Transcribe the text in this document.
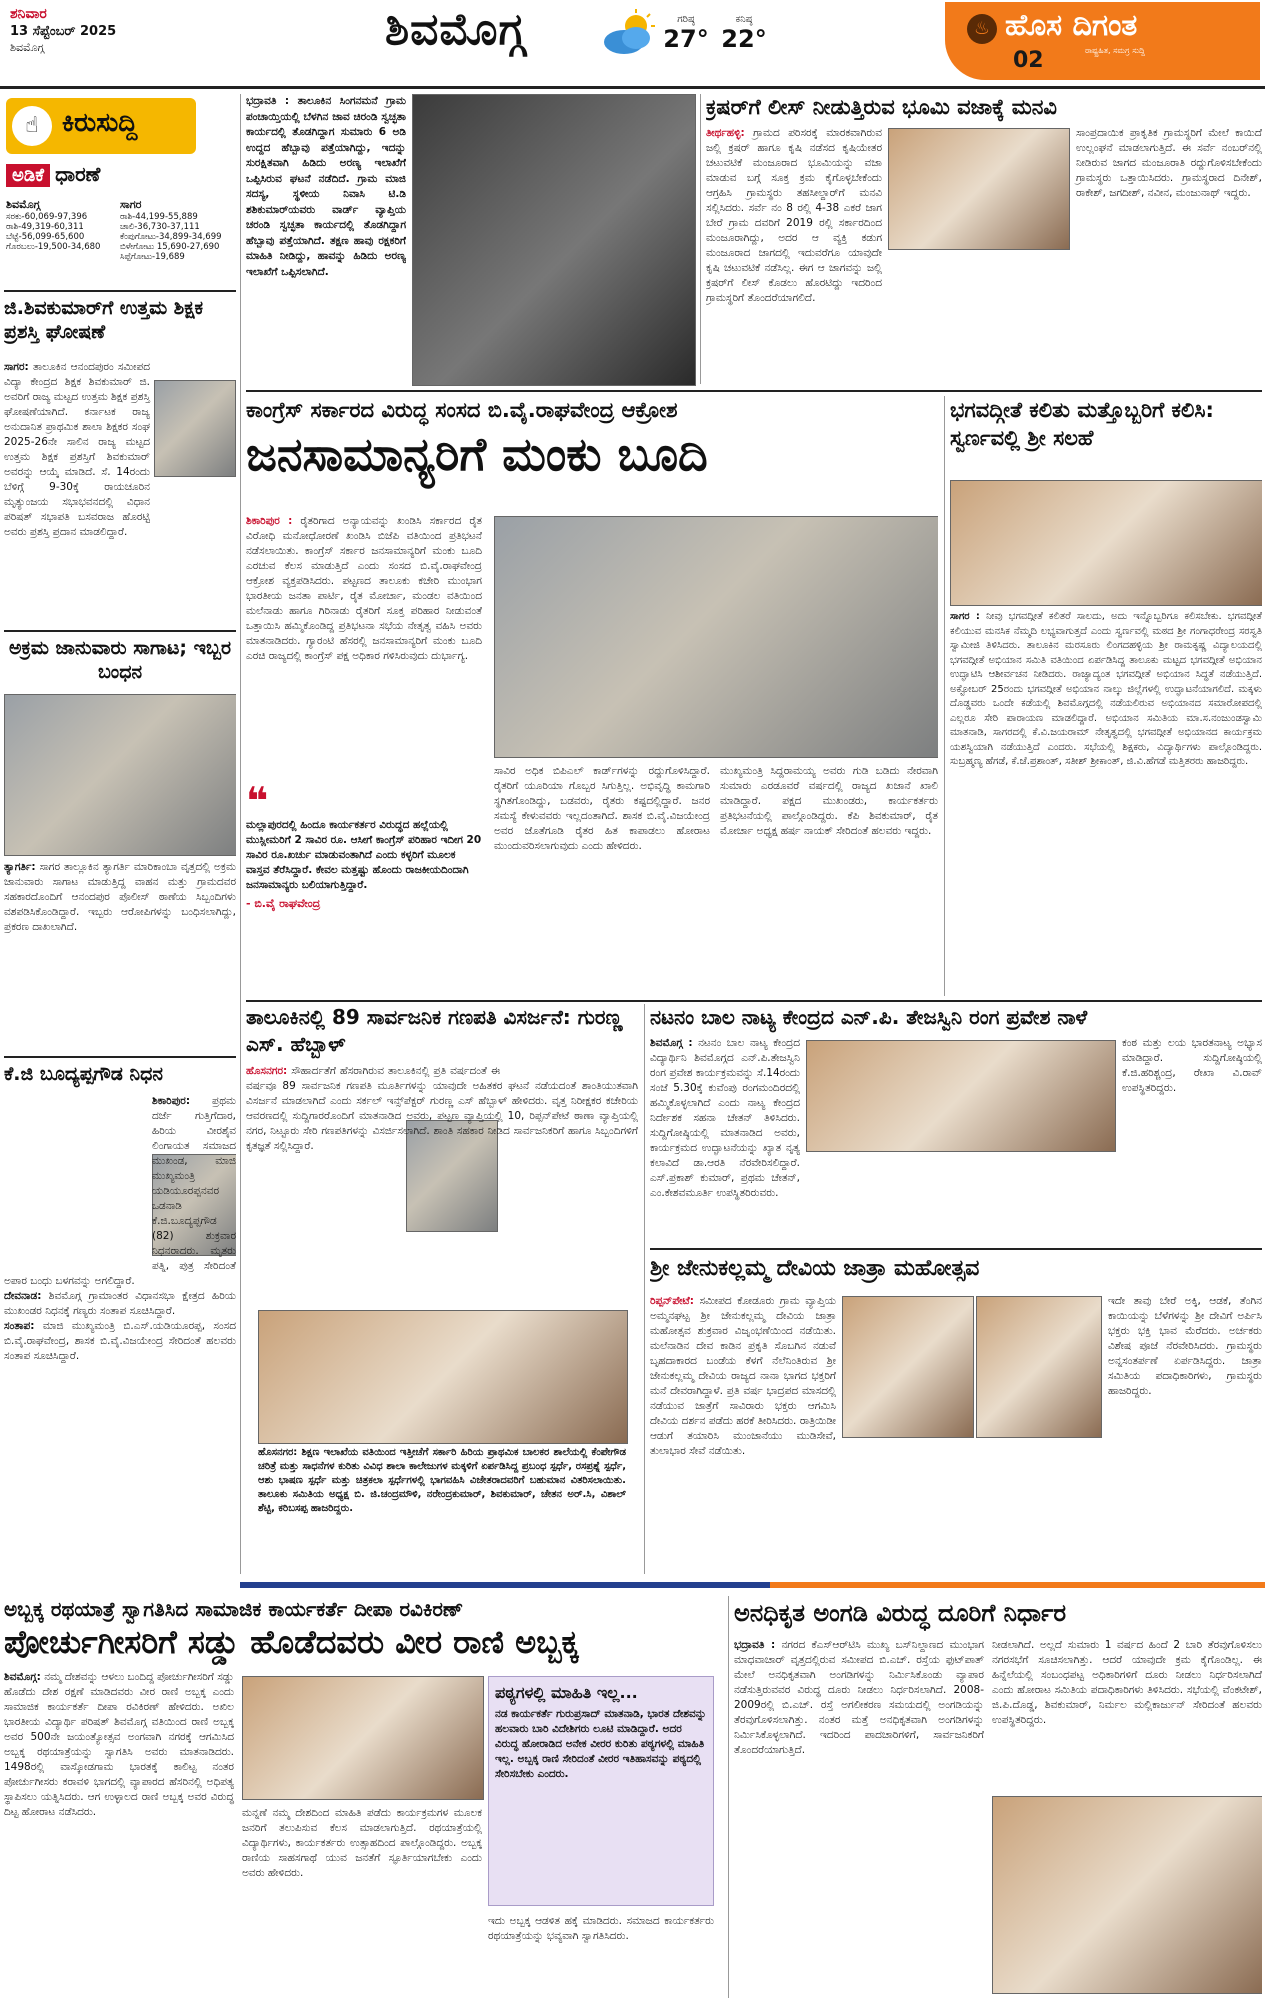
ಶನಿವಾರ
13 ಸೆಪ್ಟೆಂಬರ್ 2025
ಶಿವಮೊಗ್ಗ	ಶಿವಮೊಗ್ಗ	ಗರಿಷ್ಠ
27°
ಕನಿಷ್ಠ
22°	♨ ಹೊಸ ದಿಗಂತ
ರಾಷ್ಟ್ರಹಿತ, ಸಮಗ್ರ ಸುದ್ದಿ
02
☝ ಕಿರುಸುದ್ದಿ
ಅಡಿಕೆ ಧಾರಣೆ
ಶಿವಮೊಗ್ಗ
ಸರಕು-60,069-97,396
ರಾಶಿ-49,319-60,311
ಬೆಟ್ಟೆ-56,099-65,600
ಗೊರಬಲು-19,500-34,680
ಸಾಗರ
ರಾಶಿ-44,199-55,889
ಚಾಲಿ-36,730-37,111
ಕೆಂಪುಗೋಟು-34,899-34,699
ಬಿಳೇಗೋಟು 15,690-27,690
ಸಿಪ್ಪೆಗೋಟು-19,689
ಜಿ.ಶಿವಕುಮಾರ್‌ಗೆ ಉತ್ತಮ ಶಿಕ್ಷಕ ಪ್ರಶಸ್ತಿ ಘೋಷಣೆ
ಸಾಗರ: ತಾಲೂಕಿನ ಆನಂದಪುರಂ ಸಮೀಪದ ವಿದ್ಯಾ ಕೇಂದ್ರದ ಶಿಕ್ಷಕ ಶಿವಕುಮಾರ್ ಜಿ. ಅವರಿಗೆ ರಾಜ್ಯ ಮಟ್ಟದ ಉತ್ತಮ ಶಿಕ್ಷಕ ಪ್ರಶಸ್ತಿ ಘೋಷಣೆಯಾಗಿದೆ. ಕರ್ನಾಟಕ ರಾಜ್ಯ ಅನುದಾನಿತ ಪ್ರಾಥಮಿಕ ಶಾಲಾ ಶಿಕ್ಷಕರ ಸಂಘ 2025-26ನೇ ಸಾಲಿನ ರಾಜ್ಯ ಮಟ್ಟದ ಉತ್ತಮ ಶಿಕ್ಷಕ ಪ್ರಶಸ್ತಿಗೆ ಶಿವಕುಮಾರ್ ಅವರನ್ನು ಆಯ್ಕೆ ಮಾಡಿದೆ. ಸೆ. 14ರಂದು ಬೆಳಿಗ್ಗೆ 9-30ಕ್ಕೆ ರಾಯಚೂರಿನ ಮೃತ್ಯುಂಜಯ ಸಭಾಭವನದಲ್ಲಿ ವಿಧಾನ ಪರಿಷತ್ ಸಭಾಪತಿ ಬಸವರಾಜ ಹೊರಟ್ಟಿ ಅವರು ಪ್ರಶಸ್ತಿ ಪ್ರದಾನ ಮಾಡಲಿದ್ದಾರೆ.
ಅಕ್ರಮ ಜಾನುವಾರು ಸಾಗಾಟ; ಇಬ್ಬರ ಬಂಧನ
ತ್ಯಾಗರ್ತಿ: ಸಾಗರ ತಾಲ್ಲೂಕಿನ ತ್ಯಾಗರ್ತಿ ಮಾರಿಕಾಂಬಾ ವೃತ್ತದಲ್ಲಿ ಅಕ್ರಮ ಜಾನುವಾರು ಸಾಗಾಟ ಮಾಡುತ್ತಿದ್ದ ವಾಹನ ಮತ್ತು ಗ್ರಾಮದವರ ಸಹಕಾರದೊಂದಿಗೆ ಆನಂದಪುರ ಪೊಲೀಸ್ ಠಾಣೆಯ ಸಿಬ್ಬಂದಿಗಳು ವಶಪಡಿಸಿಕೊಂಡಿದ್ದಾರೆ. ಇಬ್ಬರು ಆರೋಪಿಗಳನ್ನು ಬಂಧಿಸಲಾಗಿದ್ದು, ಪ್ರಕರಣ ದಾಖಲಾಗಿದೆ.
ಕೆ.ಜಿ ಬೂದ್ಯಪ್ಪಗೌಡ ನಿಧನ
ಶಿಕಾರಿಪುರ: ಪ್ರಥಮ ದರ್ಜೆ ಗುತ್ತಿಗೆದಾರ, ಹಿರಿಯ ವೀರಶೈವ ಲಿಂಗಾಯತ ಸಮಾಜದ ಮುಖಂಡ, ಮಾಜಿ ಮುಖ್ಯಮಂತ್ರಿ ಯಡಿಯೂರಪ್ಪನವರ ಒಡನಾಡಿ ಕೆ.ಜಿ.ಬೂದ್ಯಪ್ಪಗೌಡ (82) ಶುಕ್ರವಾರ ನಿಧನರಾದರು. ಮೃತರು ಪತ್ನಿ, ಪುತ್ರ ಸೇರಿದಂತೆ ಅಪಾರ ಬಂಧು ಬಳಗವನ್ನು ಅಗಲಿದ್ದಾರೆ.
ದೇವನಾಡ: ಶಿವಮೊಗ್ಗ ಗ್ರಾಮಾಂತರ ವಿಧಾನಸಭಾ ಕ್ಷೇತ್ರದ ಹಿರಿಯ ಮುಖಂಡರ ನಿಧನಕ್ಕೆ ಗಣ್ಯರು ಸಂತಾಪ ಸೂಚಿಸಿದ್ದಾರೆ.
ಸಂತಾಪ: ಮಾಜಿ ಮುಖ್ಯಮಂತ್ರಿ ಬಿ.ಎಸ್.ಯಡಿಯೂರಪ್ಪ, ಸಂಸದ ಬಿ.ವೈ.ರಾಘವೇಂದ್ರ, ಶಾಸಕ ಬಿ.ವೈ.ವಿಜಯೇಂದ್ರ ಸೇರಿದಂತೆ ಹಲವರು ಸಂತಾಪ ಸೂಚಿಸಿದ್ದಾರೆ.
ಭದ್ರಾವತಿ : ತಾಲೂಕಿನ ಸಿಂಗನಮನೆ ಗ್ರಾಮ ಪಂಚಾಯ್ತಿಯಲ್ಲಿ ಬೆಳಗಿನ ಜಾವ ಚಿರಂಡಿ ಸ್ವಚ್ಛತಾ ಕಾರ್ಯದಲ್ಲಿ ತೊಡಗಿದ್ದಾಗ ಸುಮಾರು 6 ಅಡಿ ಉದ್ದದ ಹೆಬ್ಬಾವು ಪತ್ತೆಯಾಗಿದ್ದು, ಇದನ್ನು ಸುರಕ್ಷಿತವಾಗಿ ಹಿಡಿದು ಅರಣ್ಯ ಇಲಾಖೆಗೆ ಒಪ್ಪಿಸಿರುವ ಘಟನೆ ನಡೆದಿದೆ. ಗ್ರಾಮ ಮಾಜಿ ಸದಸ್ಯ, ಸ್ಥಳೀಯ ನಿವಾಸಿ ಟಿ.ಡಿ ಶಶಿಕುಮಾರ್‌ಯವರು ವಾರ್ಡ್ ವ್ಯಾಪ್ತಿಯ ಚರಂಡಿ ಸ್ವಚ್ಛತಾ ಕಾರ್ಯದಲ್ಲಿ ತೊಡಗಿದ್ದಾಗ ಹೆಬ್ಬಾವು ಪತ್ತೆಯಾಗಿದೆ. ತಕ್ಷಣ ಹಾವು ರಕ್ಷಕರಿಗೆ ಮಾಹಿತಿ ನೀಡಿದ್ದು, ಹಾವನ್ನು ಹಿಡಿದು ಅರಣ್ಯ ಇಲಾಖೆಗೆ ಒಪ್ಪಿಸಲಾಗಿದೆ.
ಕ್ರಷರ್‌ಗೆ ಲೀಸ್ ನೀಡುತ್ತಿರುವ ಭೂಮಿ ವಜಾಕ್ಕೆ ಮನವಿ
ತೀರ್ಥಹಳ್ಳಿ: ಗ್ರಾಮದ ಪರಿಸರಕ್ಕೆ ಮಾರಕವಾಗಿರುವ ಜಲ್ಲಿ ಕ್ರಷರ್ ಹಾಗೂ ಕೃಷಿ ನಡೆಸದ ಕೃಷಿಯೇತರ ಚಟುವಟಿಕೆ ಮಂಜೂರಾದ ಭೂಮಿಯನ್ನು ವಜಾ ಮಾಡುವ ಬಗ್ಗೆ ಸೂಕ್ತ ಕ್ರಮ ಕೈಗೊಳ್ಳಬೇಕೆಂದು ಆಗ್ರಹಿಸಿ ಗ್ರಾಮಸ್ಥರು ತಹಸೀಲ್ದಾರ್‌ಗೆ ಮನವಿ ಸಲ್ಲಿಸಿದರು. ಸರ್ವೆ ನಂ 8 ರಲ್ಲಿ 4-38 ಎಕರೆ ಜಾಗ ಬೇರೆ ಗ್ರಾಮ ದವರಿಗೆ 2019 ರಲ್ಲಿ ಸರ್ಕಾರದಿಂದ ಮಂಜೂರಾಗಿದ್ದು, ಅದರ ಆ ವ್ಯಕ್ತಿ ಕಡುಗ ಮಂಜೂರಾದ ಜಾಗದಲ್ಲಿ ಇದುವರೆಗೂ ಯಾವುದೇ ಕೃಷಿ ಚಟುವಟಿಕೆ ನಡೆಸಿಲ್ಲ. ಈಗ ಆ ಜಾಗವನ್ನು ಜಲ್ಲಿ ಕ್ರಷರ್‌ಗೆ ಲೀಸ್ ಕೊಡಲು ಹೊರಟಿದ್ದು ಇದರಿಂದ ಗ್ರಾಮಸ್ಥರಿಗೆ ತೊಂದರೆಯಾಗಲಿದೆ.
ಸಾಂಪ್ರದಾಯಿಕ ಪ್ರಾಕೃತಿಕ ಗ್ರಾಮಸ್ಥರಿಗೆ ಮೇಲೆ ಕಾಯಿದೆ ಉಲ್ಲಂಘನೆ ಮಾಡಲಾಗುತ್ತಿದೆ. ಈ ಸರ್ವೆ ನಂಬರ್‌ನಲ್ಲಿ ನೀಡಿರುವ ಜಾಗದ ಮಂಜೂರಾತಿ ರದ್ದುಗೊಳಿಸಬೇಕೆಂದು ಗ್ರಾಮಸ್ಥರು ಒತ್ತಾಯಿಸಿದರು. ಗ್ರಾಮಸ್ಥರಾದ ದಿನೇಶ್, ರಾಕೇಶ್, ಜಗದೀಶ್, ನವೀನ, ಮಂಜುನಾಥ್ ಇದ್ದರು.
ಕಾಂಗ್ರೆಸ್ ಸರ್ಕಾರದ ವಿರುದ್ಧ ಸಂಸದ ಬಿ.ವೈ.ರಾಘವೇಂದ್ರ ಆಕ್ರೋಶ
ಜನಸಾಮಾನ್ಯರಿಗೆ ಮಂಕು ಬೂದಿ
ಶಿಕಾರಿಪುರ : ರೈತರಿಗಾದ ಅನ್ಯಾಯವನ್ನು ಖಂಡಿಸಿ ಸರ್ಕಾರದ ರೈತ ವಿರೋಧಿ ಮನೋಧೋರಣೆ ಖಂಡಿಸಿ ಬಿಜೆಪಿ ವತಿಯಿಂದ ಪ್ರತಿಭಟನೆ ನಡೆಸಲಾಯಿತು. ಕಾಂಗ್ರೆಸ್ ಸರ್ಕಾರ ಜನಸಾಮಾನ್ಯರಿಗೆ ಮಂಕು ಬೂದಿ ಎರಚುವ ಕೆಲಸ ಮಾಡುತ್ತಿದೆ ಎಂದು ಸಂಸದ ಬಿ.ವೈ.ರಾಘವೇಂದ್ರ ಆಕ್ರೋಶ ವ್ಯಕ್ತಪಡಿಸಿದರು. ಪಟ್ಟಣದ ತಾಲೂಕು ಕಚೇರಿ ಮುಂಭಾಗ ಭಾರತೀಯ ಜನತಾ ಪಾರ್ಟಿ, ರೈತ ಮೋರ್ಚಾ, ಮಂಡಲ ವತಿಯಿಂದ ಮಲೆನಾಡು ಹಾಗೂ ಗಿರಿನಾಡು ರೈತರಿಗೆ ಸೂಕ್ತ ಪರಿಹಾರ ನೀಡುವಂತೆ ಒತ್ತಾಯಿಸಿ ಹಮ್ಮಿಕೊಂಡಿದ್ದ ಪ್ರತಿಭಟನಾ ಸಭೆಯ ನೇತೃತ್ವ ವಹಿಸಿ ಅವರು ಮಾತನಾಡಿದರು. ಗ್ಯಾರಂಟಿ ಹೆಸರಲ್ಲಿ ಜನಸಾಮಾನ್ಯರಿಗೆ ಮಂಕು ಬೂದಿ ಎರಚಿ ರಾಜ್ಯದಲ್ಲಿ ಕಾಂಗ್ರೆಸ್ ಪಕ್ಷ ಅಧಿಕಾರ ಗಳಿಸಿರುವುದು ದುರ್ಭಾಗ್ಯ.
❝
ಮಲ್ಲಾಪುರದಲ್ಲಿ ಹಿಂದೂ ಕಾರ್ಯಕರ್ತರ ವಿರುದ್ಧದ ಹಲ್ಲೆಯಲ್ಲಿ ಮುಸ್ಲೀಮರಿಗೆ 2 ಸಾವಿರ ರೂ. ಆಸೀಗೆ ಕಾಂಗ್ರೆಸ್ ಪರಿಹಾರ ಇದೀಗ 20 ಸಾವಿರ ರೂ.ಖರ್ಚು ಮಾಡುವಂತಾಗಿದೆ ಎಂದು ಕಳ್ಳರಿಗೆ ಮೂಲಕ ವಾಸ್ತವ ತೆರೆಸಿದ್ದಾರೆ. ಕೇವಲ ಮತ್ತಷ್ಟು ಹೊಂದು ರಾಜಕೀಯದಿಂದಾಗಿ ಜನಸಾಮಾನ್ಯರು ಬಲಿಯಾಗುತ್ತಿದ್ದಾರೆ.
- ಬಿ.ವೈ ರಾಘವೇಂದ್ರ
ಸಾವಿರ ಅಧಿಕ ಬಿಪಿಎಲ್ ಕಾರ್ಡ್‌ಗಳನ್ನು ರದ್ದುಗೊಳಿಸಿದ್ದಾರೆ. ರೈತರಿಗೆ ಯೂರಿಯಾ ಗೊಬ್ಬರ ಸಿಗುತ್ತಿಲ್ಲ. ಅಭಿವೃದ್ಧಿ ಕಾಮಗಾರಿ ಸ್ಥಗಿತಗೊಂಡಿದ್ದು, ಬಡವರು, ರೈತರು ಕಷ್ಟದಲ್ಲಿದ್ದಾರೆ. ಜನರ ಸಮಸ್ಯೆ ಕೇಳುವವರು ಇಲ್ಲದಂತಾಗಿದೆ. ಶಾಸಕ ಬಿ.ವೈ.ವಿಜಯೇಂದ್ರ ಅವರ ಜೊತೆಗೂಡಿ ರೈತರ ಹಿತ ಕಾಪಾಡಲು ಹೋರಾಟ ಮುಂದುವರಿಸಲಾಗುವುದು ಎಂದು ಹೇಳಿದರು.
ಮುಖ್ಯಮಂತ್ರಿ ಸಿದ್ದರಾಮಯ್ಯ ಅವರು ಗುಡಿ ಬಡಿದು ನೇರವಾಗಿ ಸುಮಾರು ಎರಡೂವರೆ ವರ್ಷದಲ್ಲಿ ರಾಜ್ಯದ ಖಜಾನೆ ಖಾಲಿ ಮಾಡಿದ್ದಾರೆ. ಪಕ್ಷದ ಮುಖಂಡರು, ಕಾರ್ಯಕರ್ತರು ಪ್ರತಿಭಟನೆಯಲ್ಲಿ ಪಾಲ್ಗೊಂಡಿದ್ದರು. ಕೆಪಿ ಶಿವಕುಮಾರ್, ರೈತ ಮೋರ್ಚಾ ಅಧ್ಯಕ್ಷ ಹರ್ಷ ನಾಯಕ್ ಸೇರಿದಂತೆ ಹಲವರು ಇದ್ದರು.
ಭಗವದ್ಗೀತೆ ಕಲಿತು ಮತ್ತೊಬ್ಬರಿಗೆ ಕಲಿಸಿ: ಸ್ವರ್ಣವಲ್ಲಿ ಶ್ರೀ ಸಲಹೆ
ಸಾಗರ : ನೀವು ಭಗವದ್ಗೀತೆ ಕಲಿತರೆ ಸಾಲದು, ಅದು ಇನ್ನೊಬ್ಬರಿಗೂ ಕಲಿಸಬೇಕು. ಭಗವದ್ಗೀತೆ ಕಲಿಯುವ ಮನಸಿಕ ನೆಮ್ಮದಿ ಲಭ್ಯವಾಗುತ್ತದೆ ಎಂದು ಸ್ವರ್ಣವಲ್ಲಿ ಮಠದ ಶ್ರೀ ಗಂಗಾಧರೇಂದ್ರ ಸರಸ್ವತಿ ಸ್ವಾಮೀಜಿ ತಿಳಿಸಿದರು. ತಾಲೂಕಿನ ಮರಸೂರು ಲಿಂಗದಹಳ್ಳಿಯ ಶ್ರೀ ರಾಮಕೃಷ್ಣ ವಿದ್ಯಾಲಯದಲ್ಲಿ ಭಗವದ್ಗೀತೆ ಅಭಿಯಾನ ಸಮಿತಿ ವತಿಯಿಂದ ಏರ್ಪಡಿಸಿದ್ದ ತಾಲೂಕು ಮಟ್ಟದ ಭಗವದ್ಗೀತೆ ಅಭಿಯಾನ ಉದ್ಘಾಟಿಸಿ ಆಶೀರ್ವಚನ ನೀಡಿದರು. ರಾಜ್ಯಾದ್ಯಂತ ಭಗವದ್ಗೀತೆ ಅಭಿಯಾನ ಸಿದ್ಧತೆ ನಡೆಯುತ್ತಿದೆ. ಅಕ್ಟೋಬರ್ 25ರಂದು ಭಗವದ್ಗೀತೆ ಅಭಿಯಾನ ನಾಲ್ಕು ಜಿಲ್ಲೆಗಳಲ್ಲಿ ಉದ್ಘಾಟನೆಯಾಗಲಿದೆ. ಮಕ್ಕಳು ದೊಡ್ಡವರು ಒಂದೇ ಕಡೆಯಲ್ಲಿ ಶಿವಮೊಗ್ಗದಲ್ಲಿ ನಡೆಯಲಿರುವ ಅಭಿಯಾನದ ಸಮಾರೋಪದಲ್ಲಿ ಎಲ್ಲರೂ ಸೇರಿ ಪಾರಾಯಣ ಮಾಡಲಿದ್ದಾರೆ. ಅಭಿಯಾನ ಸಮಿತಿಯ ಮಾ.ಸ.ನಂಜುಂಡಸ್ವಾಮಿ ಮಾತನಾಡಿ, ಸಾಗರದಲ್ಲಿ ಕೆ.ವಿ.ಜಯರಾಮ್ ನೇತೃತ್ವದಲ್ಲಿ ಭಗವದ್ಗೀತೆ ಅಭಿಯಾನದ ಕಾರ್ಯಕ್ರಮ ಯಶಸ್ವಿಯಾಗಿ ನಡೆಯುತ್ತಿದೆ ಎಂದರು. ಸಭೆಯಲ್ಲಿ ಶಿಕ್ಷಕರು, ವಿದ್ಯಾರ್ಥಿಗಳು ಪಾಲ್ಗೊಂಡಿದ್ದರು. ಸುಬ್ರಹ್ಮಣ್ಯ ಹೆಗಡೆ, ಕೆ.ಜೆ.ಪ್ರಶಾಂತ್, ಸತೀಶ್ ಶ್ರೀಕಾಂತ್, ಜಿ.ವಿ.ಹೆಗಡೆ ಮತ್ತಿತರರು ಹಾಜರಿದ್ದರು.
ತಾಲೂಕಿನಲ್ಲಿ 89 ಸಾರ್ವಜನಿಕ ಗಣಪತಿ ವಿಸರ್ಜನೆ: ಗುರಣ್ಣ ಎಸ್. ಹೆಬ್ಬಾಳ್
ಹೊಸನಗರ: ಸೌಹಾರ್ದತೆಗೆ ಹೆಸರಾಗಿರುವ ತಾಲೂಕಿನಲ್ಲಿ ಪ್ರತಿ ವರ್ಷದಂತೆ ಈ ವರ್ಷವೂ 89 ಸಾರ್ವಜನಿಕ ಗಣಪತಿ ಮೂರ್ತಿಗಳನ್ನು ಯಾವುದೇ ಅಹಿತಕರ ಘಟನೆ ನಡೆಯದಂತೆ ಶಾಂತಿಯುತವಾಗಿ ವಿಸರ್ಜನೆ ಮಾಡಲಾಗಿದೆ ಎಂದು ಸರ್ಕಲ್ ಇನ್ಸ್‌ಪೆಕ್ಟರ್ ಗುರಣ್ಣ ಎಸ್ ಹೆಬ್ಬಾಳ್ ಹೇಳಿದರು. ವೃತ್ತ ನಿರೀಕ್ಷಕರ ಕಚೇರಿಯ ಆವರಣದಲ್ಲಿ ಸುದ್ದಿಗಾರರೊಂದಿಗೆ ಮಾತನಾಡಿದ ಅವರು, ಪಟ್ಟಣ ವ್ಯಾಪ್ತಿಯಲ್ಲಿ 10, ರಿಪ್ಪನ್‌ಪೇಟೆ ಠಾಣಾ ವ್ಯಾಪ್ತಿಯಲ್ಲಿ ನಗರ, ನಿಟ್ಟೂರು ಸೇರಿ ಗಣಪತಿಗಳನ್ನು ವಿಸರ್ಜಿಸಲಾಗಿದೆ. ಶಾಂತಿ ಸಹಕಾರ ನೀಡಿದ ಸಾರ್ವಜನಿಕರಿಗೆ ಹಾಗೂ ಸಿಬ್ಬಂದಿಗಳಿಗೆ ಕೃತಜ್ಞತೆ ಸಲ್ಲಿಸಿದ್ದಾರೆ.
ಹೊಸನಗರ: ಶಿಕ್ಷಣ ಇಲಾಖೆಯ ವತಿಯಿಂದ ಇತ್ತೀಚೆಗೆ ಸರ್ಕಾರಿ ಹಿರಿಯ ಪ್ರಾಥಮಿಕ ಬಾಲಕರ ಶಾಲೆಯಲ್ಲಿ ಕೆಂಪೇಗೌಡ ಚರಿತ್ರೆ ಮತ್ತು ಸಾಧನೆಗಳ ಕುರಿತು ವಿವಿಧ ಶಾಲಾ ಕಾಲೇಜುಗಳ ಮಕ್ಕಳಿಗೆ ಏರ್ಪಡಿಸಿದ್ದ ಪ್ರಬಂಧ ಸ್ಪರ್ಧೆ, ರಸಪ್ರಶ್ನೆ ಸ್ಪರ್ಧೆ, ಆಶು ಭಾಷಣ ಸ್ಪರ್ಧೆ ಮತ್ತು ಚಿತ್ರಕಲಾ ಸ್ಪರ್ಧೆಗಳಲ್ಲಿ ಭಾಗವಹಿಸಿ ವಿಜೇತರಾದವರಿಗೆ ಬಹುಮಾನ ವಿತರಿಸಲಾಯಿತು. ತಾಲೂಕು ಸಮಿತಿಯ ಅಧ್ಯಕ್ಷ ಬಿ. ಜಿ.ಚಂದ್ರಮೌಳಿ, ನರೇಂದ್ರಕುಮಾರ್, ಶಿವಕುಮಾರ್, ಚೇತನ ಅರ್.ಸಿ, ವಿಶಾಲ್ ಶೆಟ್ಟಿ, ಕರಿಬಸಪ್ಪ ಹಾಜರಿದ್ದರು.
ನಟನಂ ಬಾಲ ನಾಟ್ಯ ಕೇಂದ್ರದ ಎನ್.ಪಿ. ತೇಜಸ್ವಿನಿ ರಂಗ ಪ್ರವೇಶ ನಾಳೆ
ಶಿವಮೊಗ್ಗ : ನಟನಂ ಬಾಲ ನಾಟ್ಯ ಕೇಂದ್ರದ ವಿದ್ಯಾರ್ಥಿನಿ ಶಿವಮೊಗ್ಗದ ಎನ್.ಪಿ.ತೇಜಸ್ವಿನಿ ರಂಗ ಪ್ರವೇಶ ಕಾರ್ಯಕ್ರಮವನ್ನು ಸೆ.14ರಂದು ಸಂಜೆ 5.30ಕ್ಕೆ ಕುವೆಂಪು ರಂಗಮಂದಿರದಲ್ಲಿ ಹಮ್ಮಿಕೊಳ್ಳಲಾಗಿದೆ ಎಂದು ನಾಟ್ಯ ಕೇಂದ್ರದ ನಿರ್ದೇಶಕ ಸಹನಾ ಚೇತನ್ ತಿಳಿಸಿದರು. ಸುದ್ದಿಗೋಷ್ಠಿಯಲ್ಲಿ ಮಾತನಾಡಿದ ಅವರು, ಕಾರ್ಯಕ್ರಮದ ಉದ್ಘಾಟನೆಯನ್ನು ಖ್ಯಾತ ನೃತ್ಯ ಕಲಾವಿದೆ ಡಾ.ಆರತಿ ನೆರವೇರಿಸಲಿದ್ದಾರೆ. ಎಸ್.ಪ್ರಕಾಶ್ ಕುಮಾರ್, ಪ್ರಥಮ ಚೇತನ್, ಎಂ.ಕೇಶವಮೂರ್ತಿ ಉಪಸ್ಥಿತರಿರುವರು.
ಕಂಠ ಮತ್ತು ಲಯ ಭಾರತನಾಟ್ಯ ಅಭ್ಯಾಸ ಮಾಡಿದ್ದಾರೆ. ಸುದ್ದಿಗೋಷ್ಠಿಯಲ್ಲಿ ಕೆ.ಜಿ.ಹರಿಶ್ಚಂದ್ರ, ರೇಖಾ ವಿ.ರಾವ್ ಉಪಸ್ಥಿತರಿದ್ದರು.
ಶ್ರೀ ಜೇನುಕಲ್ಲಮ್ಮ ದೇವಿಯ ಜಾತ್ರಾ ಮಹೋತ್ಸವ
ರಿಪ್ಪನ್‌ಪೇಟೆ: ಸಮೀಪದ ಕೋಡೂರು ಗ್ರಾಮ ವ್ಯಾಪ್ತಿಯ ಅಮ್ಮನಘಟ್ಟ ಶ್ರೀ ಜೇನುಕಲ್ಲಮ್ಮ ದೇವಿಯ ಜಾತ್ರಾ ಮಹೋತ್ಸವ ಶುಕ್ರವಾರ ವಿಜೃಂಭಣೆಯಿಂದ ನಡೆಯಿತು. ಮಲೆನಾಡಿನ ದೇವ ಕಾಡಿನ ಪ್ರಕೃತಿ ಸೊಬಗಿನ ನಡುವೆ ಬೃಹದಾಕಾರದ ಬಂಡೆಯ ಕೆಳಗೆ ನೆಲೆನಿಂತಿರುವ ಶ್ರೀ ಜೇನುಕಲ್ಲಮ್ಮ ದೇವಿಯ ರಾಜ್ಯದ ನಾನಾ ಭಾಗದ ಭಕ್ತರಿಗೆ ಮನೆ ದೇವರಾಗಿದ್ದಾಳೆ. ಪ್ರತಿ ವರ್ಷ ಭಾದ್ರಪದ ಮಾಸದಲ್ಲಿ ನಡೆಯುವ ಜಾತ್ರೆಗೆ ಸಾವಿರಾರು ಭಕ್ತರು ಆಗಮಿಸಿ ದೇವಿಯ ದರ್ಶನ ಪಡೆದು ಹರಕೆ ತೀರಿಸಿದರು. ರಾತ್ರಿಯಿಡೀ ಆಡುಗೆ ತಯಾರಿಸಿ ಮುಂಜಾನೆಯು ಮುಡಿಸೇವೆ, ತುಲಾಭಾರ ಸೇವೆ ನಡೆಯಿತು.
ಇದೇ ತಾವು ಬೇರೆ ಅಕ್ಕಿ, ಆಡಕೆ, ತೆಂಗಿನ ಕಾಯಿಯನ್ನು ಬೆಳೆಗಳನ್ನು ಶ್ರೀ ದೇವಿಗೆ ಅರ್ಪಿಸಿ ಭಕ್ತರು ಭಕ್ತಿ ಭಾವ ಮೆರೆದರು. ಅರ್ಚಕರು ವಿಶೇಷ ಪೂಜೆ ನೆರವೇರಿಸಿದರು. ಗ್ರಾಮಸ್ಥರು ಅನ್ನಸಂತರ್ಪಣೆ ಏರ್ಪಡಿಸಿದ್ದರು. ಜಾತ್ರಾ ಸಮಿತಿಯ ಪದಾಧಿಕಾರಿಗಳು, ಗ್ರಾಮಸ್ಥರು ಹಾಜರಿದ್ದರು.
ಅಬ್ಬಕ್ಕ ರಥಯಾತ್ರೆ ಸ್ವಾಗತಿಸಿದ ಸಾಮಾಜಿಕ ಕಾರ್ಯಕರ್ತೆ ದೀಪಾ ರವಿಕಿರಣ್
ಪೋರ್ಚುಗೀಸರಿಗೆ ಸಡ್ಡು ಹೊಡೆದವರು ವೀರ ರಾಣಿ ಅಬ್ಬಕ್ಕ
ಶಿವಮೊಗ್ಗ: ನಮ್ಮ ದೇಶವನ್ನು ಆಳಲು ಬಂದಿದ್ದ ಪೋರ್ಚುಗೀಸರಿಗೆ ಸಡ್ಡು ಹೊಡೆದು ದೇಶ ರಕ್ಷಣೆ ಮಾಡಿದವರು ವೀರ ರಾಣಿ ಅಬ್ಬಕ್ಕ ಎಂದು ಸಾಮಾಜಿಕ ಕಾರ್ಯಕರ್ತೆ ದೀಪಾ ರವಿಕಿರಣ್ ಹೇಳಿದರು. ಅಖಿಲ ಭಾರತೀಯ ವಿದ್ಯಾರ್ಥಿ ಪರಿಷತ್ ಶಿವಮೊಗ್ಗ ವತಿಯಿಂದ ರಾಣಿ ಅಬ್ಬಕ್ಕ ಅವರ 500ನೇ ಜಯಂತ್ಯೋತ್ಸವ ಅಂಗವಾಗಿ ನಗರಕ್ಕೆ ಆಗಮಿಸಿದ ಅಬ್ಬಕ್ಕ ರಥಯಾತ್ರೆಯನ್ನು ಸ್ವಾಗತಿಸಿ ಅವರು ಮಾತನಾಡಿದರು. 1498ರಲ್ಲಿ ವಾಸ್ಕೋಡಗಾಮ ಭಾರತಕ್ಕೆ ಕಾಲಿಟ್ಟ ನಂತರ ಪೋರ್ಚುಗೀಸರು ಕರಾವಳಿ ಭಾಗದಲ್ಲಿ ವ್ಯಾಪಾರದ ಹೆಸರಿನಲ್ಲಿ ಅಧಿಪತ್ಯ ಸ್ಥಾಪಿಸಲು ಯತ್ನಿಸಿದರು. ಆಗ ಉಳ್ಳಾಲದ ರಾಣಿ ಅಬ್ಬಕ್ಕ ಅವರ ವಿರುದ್ಧ ದಿಟ್ಟ ಹೋರಾಟ ನಡೆಸಿದರು.	ಮನ್ನಣೆ ನಮ್ಮ ದೇಶದಿಂದ ಮಾಹಿತಿ ಪಡೆದು ಕಾರ್ಯಕ್ರಮಗಳ ಮೂಲಕ ಜನರಿಗೆ ತಲುಪಿಸುವ ಕೆಲಸ ಮಾಡಲಾಗುತ್ತಿದೆ. ರಥಯಾತ್ರೆಯಲ್ಲಿ ವಿದ್ಯಾರ್ಥಿಗಳು, ಕಾರ್ಯಕರ್ತರು ಉತ್ಸಾಹದಿಂದ ಪಾಲ್ಗೊಂಡಿದ್ದರು. ಅಬ್ಬಕ್ಕ ರಾಣಿಯ ಸಾಹಸಗಾಥೆ ಯುವ ಜನತೆಗೆ ಸ್ಫೂರ್ತಿಯಾಗಬೇಕು ಎಂದು ಅವರು ಹೇಳಿದರು.
ಪಠ್ಯಗಳಲ್ಲಿ ಮಾಹಿತಿ ಇಲ್ಲ...
ನಡ ಕಾರ್ಯಕರ್ತೆ ಗುರುಪ್ರಸಾದ್ ಮಾತನಾಡಿ, ಭಾರತ ದೇಶವನ್ನು ಹಲವಾರು ಬಾರಿ ವಿದೇಶಿಗರು ಲೂಟಿ ಮಾಡಿದ್ದಾರೆ. ಅದರ ವಿರುದ್ಧ ಹೋರಾಡಿದ ಅನೇಕ ವೀರರ ಕುರಿತು ಪಠ್ಯಗಳಲ್ಲಿ ಮಾಹಿತಿ ಇಲ್ಲ. ಅಬ್ಬಕ್ಕ ರಾಣಿ ಸೇರಿದಂತೆ ವೀರರ ಇತಿಹಾಸವನ್ನು ಪಠ್ಯದಲ್ಲಿ ಸೇರಿಸಬೇಕು ಎಂದರು.
ಇದು ಅಬ್ಬಕ್ಕ ಆಡಳಿತ ಹಕ್ಕೆ ಮಾಡಿದರು. ಸಮಾಜದ ಕಾರ್ಯಕರ್ತರು ರಥಯಾತ್ರೆಯನ್ನು ಭವ್ಯವಾಗಿ ಸ್ವಾಗತಿಸಿದರು.
ಅನಧಿಕೃತ ಅಂಗಡಿ ವಿರುದ್ಧ ದೂರಿಗೆ ನಿರ್ಧಾರ
ಭದ್ರಾವತಿ : ನಗರದ ಕೆಎಸ್‌ಆರ್‌ಟಿಸಿ ಮುಖ್ಯ ಬಸ್‌ನಿಲ್ದಾಣದ ಮುಂಭಾಗ ಮಾಧವಾಚಾರ್ ವೃತ್ತದಲ್ಲಿರುವ ಸಮೀಪದ ಬಿ.ಎಚ್. ರಸ್ತೆಯ ಫುಟ್‌ಪಾತ್ ಮೇಲೆ ಅನಧಿಕೃತವಾಗಿ ಅಂಗಡಿಗಳನ್ನು ನಿರ್ಮಿಸಿಕೊಂಡು ವ್ಯಾಪಾರ ನಡೆಸುತ್ತಿರುವವರ ವಿರುದ್ಧ ದೂರು ನೀಡಲು ನಿರ್ಧರಿಸಲಾಗಿದೆ. 2008-2009ರಲ್ಲಿ ಬಿ.ಎಚ್. ರಸ್ತೆ ಅಗಲೀಕರಣ ಸಮಯದಲ್ಲಿ ಅಂಗಡಿಯನ್ನು ತೆರವುಗೊಳಿಸಲಾಗಿತ್ತು. ನಂತರ ಮತ್ತೆ ಅನಧಿಕೃತವಾಗಿ ಅಂಗಡಿಗಳನ್ನು ನಿರ್ಮಿಸಿಕೊಳ್ಳಲಾಗಿದೆ. ಇದರಿಂದ ಪಾದಚಾರಿಗಳಿಗೆ, ಸಾರ್ವಜನಿಕರಿಗೆ ತೊಂದರೆಯಾಗುತ್ತಿದೆ.
ನೀಡಲಾಗಿದೆ. ಅಲ್ಲದೆ ಸುಮಾರು 1 ವರ್ಷದ ಹಿಂದೆ 2 ಬಾರಿ ತೆರವುಗೊಳಿಸಲು ನಗರಸಭೆಗೆ ಸೂಚಿಸಲಾಗಿತ್ತು. ಆದರೆ ಯಾವುದೇ ಕ್ರಮ ಕೈಗೊಂಡಿಲ್ಲ. ಈ ಹಿನ್ನೆಲೆಯಲ್ಲಿ ಸಂಬಂಧಪಟ್ಟ ಅಧಿಕಾರಿಗಳಿಗೆ ದೂರು ನೀಡಲು ನಿರ್ಧರಿಸಲಾಗಿದೆ ಎಂದು ಹೋರಾಟ ಸಮಿತಿಯ ಪದಾಧಿಕಾರಿಗಳು ತಿಳಿಸಿದರು. ಸಭೆಯಲ್ಲಿ ವೆಂಕಟೇಶ್, ಜಿ.ಪಿ.ದೊಡ್ಡ, ಶಿವಕುಮಾರ್, ನಿರ್ಮಲ ಮಲ್ಲಿಕಾರ್ಜುನ್ ಸೇರಿದಂತೆ ಹಲವರು ಉಪಸ್ಥಿತರಿದ್ದರು.
